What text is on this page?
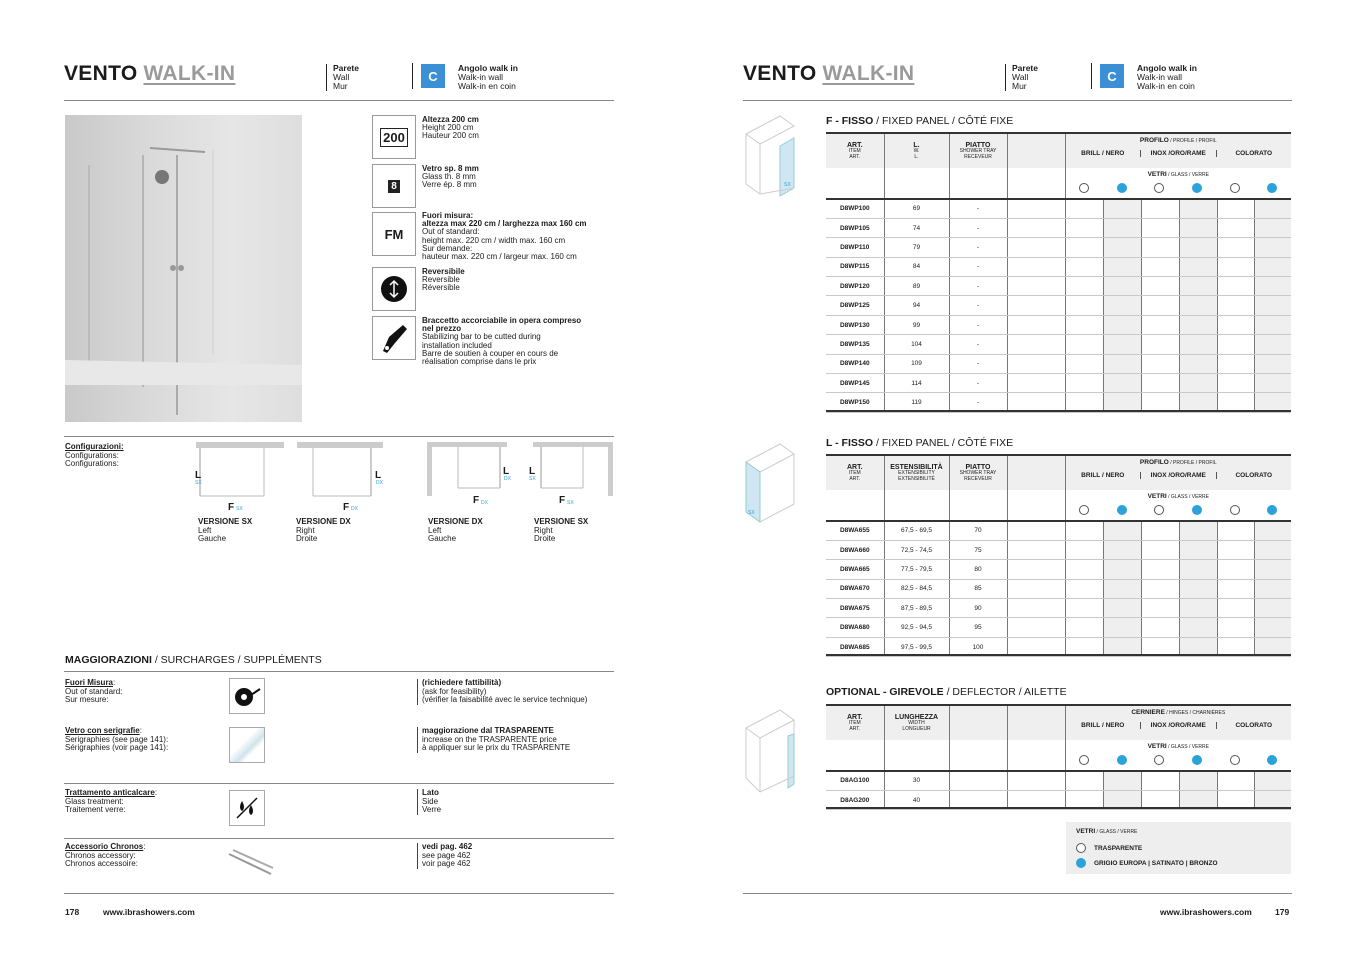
VENTO WALK-IN	Parete
Wall
Mur
C
Angolo walk in
Walk-in wall
Walk-in en coin
200
Altezza 200 cm
Height 200 cm
Hauteur 200 cm
8
Vetro sp. 8 mm
Glass th. 8 mm
Verre ép. 8 mm
FM
Fuori misura:
altezza max 220 cm / larghezza max 160 cm
Out of standard:
height max. 220 cm / width max. 160 cm
Sur demande:
hauteur max. 220 cm / largeur max. 160 cm
Reversibile
Reversible
Réversible
Braccetto accorciabile in opera compreso
nel prezzo
Stabilizing bar to be cutted during
installation included
Barre de soutien à couper en cours de
réalisation comprise dans le prix
Configurazioni:
Configurations:
Configurations:
L
SX
F SX
VERSIONE SX
Left
Gauche
L
DX
F DX
VERSIONE DX
Right
Droite
L
DX
F DX
VERSIONE DX
Left
Gauche
L
SX
F SX
VERSIONE SX
Right
Droite
MAGGIORAZIONI / SURCHARGES / SUPPLÉMENTS
Fuori Misura:
Out of standard:
Sur mesure:
(richiedere fattibilità)
(ask for feasibility)
(vérifier la faisabilité avec le service technique)
Vetro con serigrafie:
Serigraphies (see page 141):
Sérigraphies (voir page 141):
maggiorazione dal TRASPARENTE
increase on the TRASPARENTE price
à appliquer sur le prix du TRASPARENTE
Trattamento anticalcare:
Glass treatment:
Traitement verre:
Lato
Side
Verre
Accessorio Chronos:
Chronos accessory:
Chronos accessoire:
vedi pag. 462
see page 462
voir page 462
178	www.ibrashowers.com
VENTO WALK-IN	Parete
Wall
Mur
C
Angolo walk in
Walk-in wall
Walk-in en coin
SX
SX
F - FISSO / FIXED PANEL / CÔTÉ FIXE
ART.
ITEM
ART.	L.
W.
L.	PIATTO
SHOWER TRAY
RECEVEUR		PROFILO / PROFILE / PROFIL
BRILL / NERO INOX /ORO/RAME COLORATO					

				VETRI / GLASS / VERRE					

D8WP100	69	-							
D8WP105	74	-							
D8WP110	79	-							
D8WP115	84	-							
D8WP120	89	-							
D8WP125	94	-							
D8WP130	99	-							
D8WP135	104	-							
D8WP140	109	-							
D8WP145	114	-							
D8WP150	119	-							
L - FISSO / FIXED PANEL / CÔTÉ FIXE
ART.
ITEM
ART.	ESTENSIBILITÀ
EXTENSIBILITY
EXTENSIBILITÉ	PIATTO
SHOWER TRAY
RECEVEUR		PROFILO / PROFILE / PROFIL
BRILL / NERO INOX /ORO/RAME COLORATO					

				VETRI / GLASS / VERRE					

D8WA655	67,5 - 69,5	70							
D8WA660	72,5 - 74,5	75							
D8WA665	77,5 - 79,5	80							
D8WA670	82,5 - 84,5	85							
D8WA675	87,5 - 89,5	90							
D8WA680	92,5 - 94,5	95							
D8WA685	97,5 - 99,5	100							
OPTIONAL - GIREVOLE / DEFLECTOR / AILETTE
ART.
ITEM
ART.	LUNGHEZZA
WIDTH
LONGUEUR			CERNIERE / HINGES / CHARNIÈRES
BRILL / NERO INOX /ORO/RAME COLORATO					

				VETRI / GLASS / VERRE					

D8AG100	30								
D8AG200	40								
VETRI / GLASS / VERRE
TRASPARENTE
GRIGIO EUROPA | SATINATO | BRONZO
www.ibrashowers.com	179
